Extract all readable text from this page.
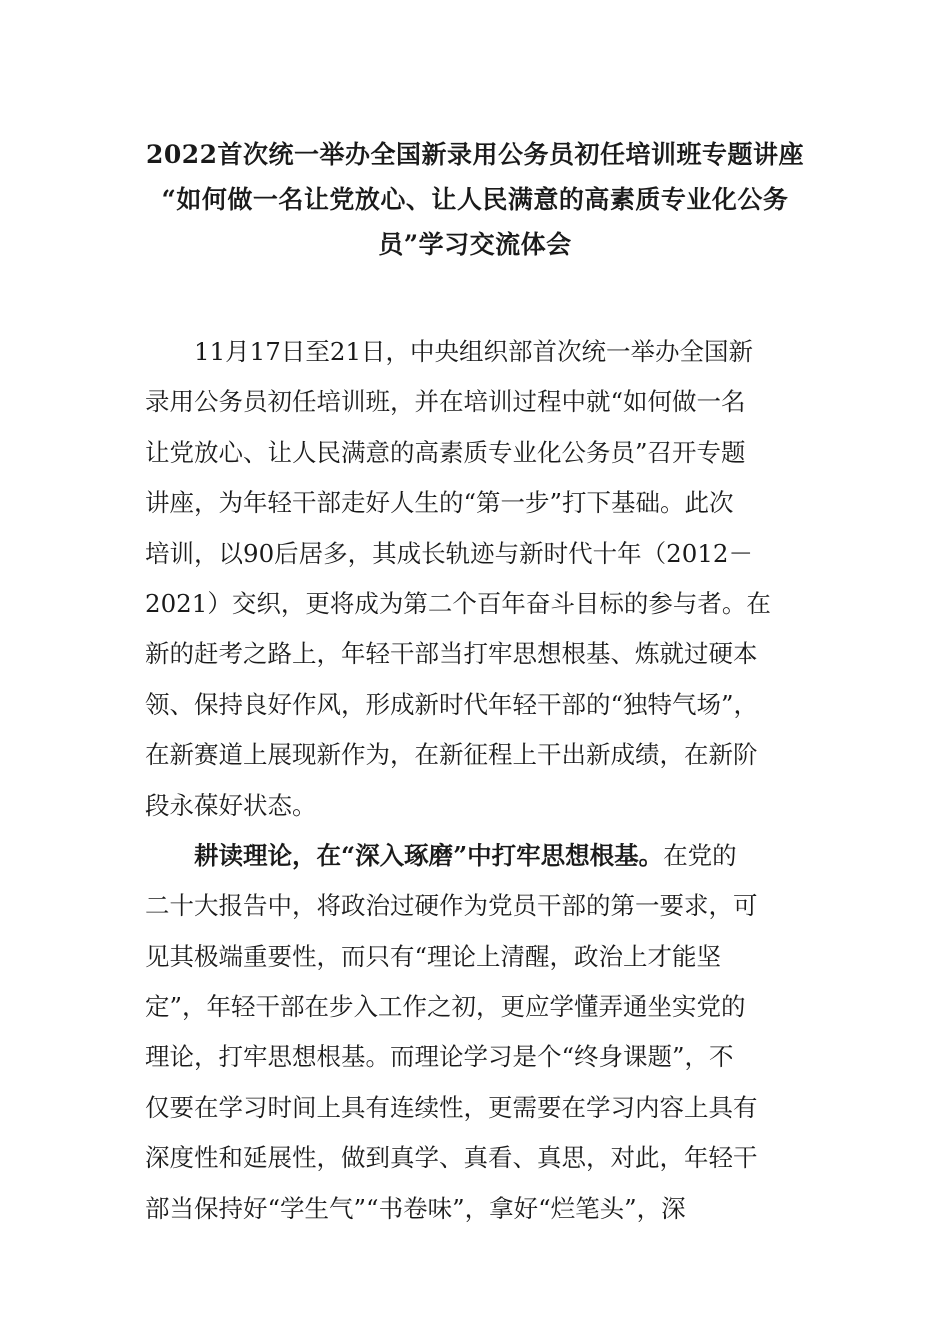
2022首次统一举办全国新录用公务员初任培训班专题讲座
“如何做一名让党放心、让人民满意的高素质专业化公务
员”学习交流体会
11月17日至21日，中央组织部首次统一举办全国新
录用公务员初任培训班，并在培训过程中就“如何做一名
让党放心、让人民满意的高素质专业化公务员”召开专题
讲座，为年轻干部走好人生的“第一步”打下基础。此次
培训，以90后居多，其成长轨迹与新时代十年（2012－
2021）交织，更将成为第二个百年奋斗目标的参与者。在
新的赶考之路上，年轻干部当打牢思想根基、炼就过硬本
领、保持良好作风，形成新时代年轻干部的“独特气场”，
在新赛道上展现新作为，在新征程上干出新成绩，在新阶
段永葆好状态。
耕读理论，在“深入琢磨”中打牢思想根基。在党的
二十大报告中，将政治过硬作为党员干部的第一要求，可
见其极端重要性，而只有“理论上清醒，政治上才能坚
定”，年轻干部在步入工作之初，更应学懂弄通坐实党的
理论，打牢思想根基。而理论学习是个“终身课题”，不
仅要在学习时间上具有连续性，更需要在学习内容上具有
深度性和延展性，做到真学、真看、真思，对此，年轻干
部当保持好“学生气”“书卷味”，拿好“烂笔头”，深
